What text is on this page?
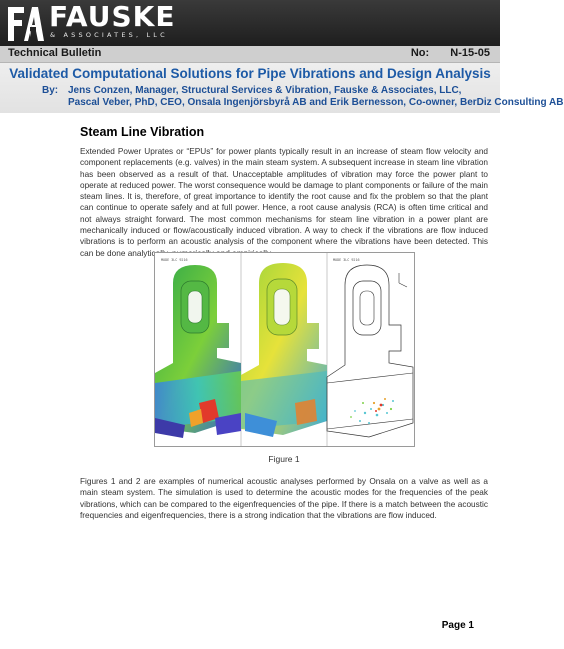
FAUSKE
& ASSOCIATES, LLC
Technical Bulletin	No: N-15-05
Validated Computational Solutions for Pipe Vibrations and Design Analysis
By: Jens Conzen, Manager, Structural Services & Vibration, Fauske & Associates, LLC,
Pascal Veber, PhD, CEO, Onsala Ingenjörsbyrå AB and Erik Bernesson, Co-owner, BerDiz Consulting AB
Steam Line Vibration

Extended Power Uprates or “EPUs” for power plants typically result in an increase of steam flow velocity and component replacements (e.g. valves) in the main steam system. A subsequent increase in steam line vibration has been observed as a result of that. Unacceptable amplitudes of vibration may force the power plant to operate at reduced power. The worst consequence would be damage to plant components or failure of the main steam lines. It is, therefore, of great importance to identify the root cause and fix the problem so that the plant can continue to operate safely and at full power. Hence, a root cause analysis (RCA) is often time critical and not always straight forward. The most common mechanisms for steam line vibration in a power plant are mechanically induced or flow/acoustically induced vibration. A way to check if the vibrations are flow induced vibrations is to perform an acoustic analysis of the component where the vibrations have been detected. This can be done analytically, numerically and empirically.

MODE 3LC 9216	MODE 3LC 9216
Figure 1

Figures 1 and 2 are examples of numerical acoustic analyses performed by Onsala on a valve as well as a main steam system. The simulation is used to determine the acoustic modes for the frequencies of the peak vibrations, which can be compared to the eigenfrequencies of the pipe. If there is a match between the acoustic frequencies and eigenfrequencies, there is a strong indication that the vibrations are flow induced.

Page 1
